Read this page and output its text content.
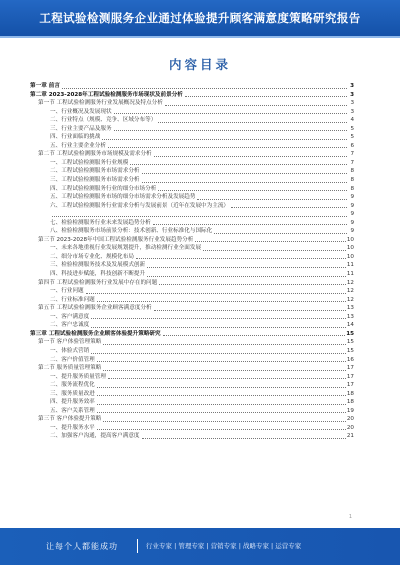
工程试验检测服务企业通过体验提升顾客满意度策略研究报告
内容目录
第一章 前言	3
第二章 2023-2028年工程试验检测服务市场现状及前景分析	3
第一节 工程试验检测服务行业发展概况及特点分析	3
一、行业概况及发展现状	3
二、行业特点（规模、竞争、区域分布等）	4
三、行业主要产品及服务	5
四、行业面临的挑战	5
五、行业主要企业分析	6
第二节 工程试验检测服务市场规模及需求分析	7
一、工程试验检测服务行业规模	7
二、工程试验检测服务市场需求分析	8
三、工程试验检测服务市场需求分析	8
四、工程试验检测服务行业的细分市场分析	8
五、工程试验检测服务市场的细分市场需求分析及发展趋势	9
六、工程试验检测服务行业需求分析与发展前景（近年在发展中为主流）	9
9
七、检验检测服务行业未来发展趋势分析	9
八、检验检测服务市场前景分析：技术创新、行业标准化与国际化	9
第三节 2023-2028年中国工程试验检测服务行业发展趋势分析	10
一、未来各地重视行业发展规划提升，推动检测行业全面发展	10
二、细分市场专业化、规模化布局	10
三、检验检测服务技术及发展模式创新	11
四、科技进步赋能，科技创新不断提升	11
第四节 工程试验检测服务行业发展中存在的问题	12
一、行业问题	12
二、行业标准问题	12
第五节 工程试验检测服务企业顾客满意度分析	13
一、客户满意度	13
二、客户忠诚度	14
第三章 工程试验检测服务企业顾客体验提升策略研究	15
第一节 客户体验管理策略	15
一、体验式营销	15
二、客户价值管理	16
第二节 服务质量管理策略	17
一、提升服务质量管理	17
二、服务流程优化	17
三、服务质量改进	18
四、提升服务效率	18
五、客户关系管理	19
第三节 客户体验提升策略	20
一、提升服务水平	20
二、加强客户沟通，提高客户满意度	21
1
让每个人都能成功	行业专家 | 管理专家 | 营销专家 | 战略专家 | 运营专家
